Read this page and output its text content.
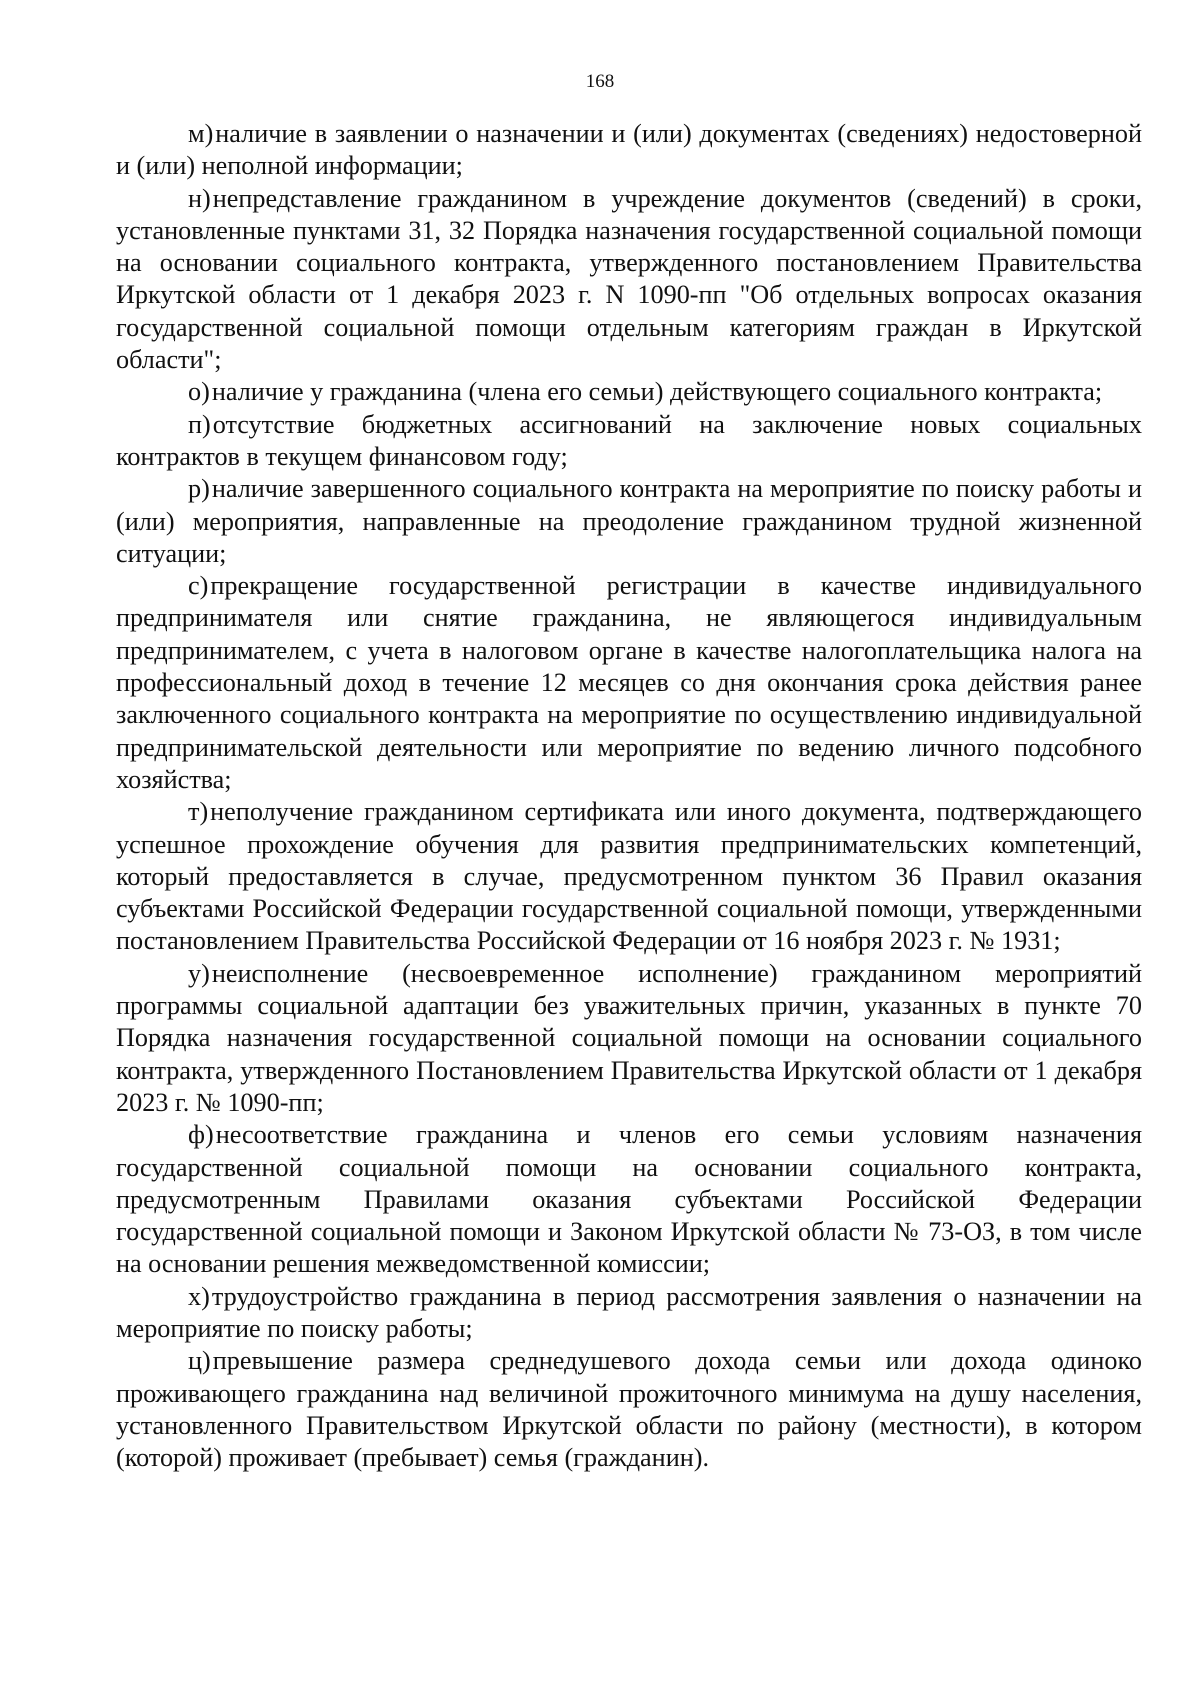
168

м)наличие в заявлении о назначении и (или) документах (сведениях) недостоверной и (или) неполной информации;

н)непредставление гражданином в учреждение документов (сведений) в сроки, установленные пунктами 31, 32 Порядка назначения государственной социальной помощи на основании социального контракта, утвержденного постановлением Правительства Иркутской области от 1 декабря 2023 г. N 1090-пп "Об отдельных вопросах оказания государственной социальной помощи отдельным категориям граждан в Иркутской области";

о)наличие у гражданина (члена его семьи) действующего социального контракта;

п)отсутствие бюджетных ассигнований на заключение новых социальных контрактов в текущем финансовом году;

р)наличие завершенного социального контракта на мероприятие по поиску работы и (или) мероприятия, направленные на преодоление гражданином трудной жизненной ситуации;

с)прекращение государственной регистрации в качестве индивидуального предпринимателя или снятие гражданина, не являющегося индивидуальным предпринимателем, с учета в налоговом органе в качестве налогоплательщика налога на профессиональный доход в течение 12 месяцев со дня окончания срока действия ранее заключенного социального контракта на мероприятие по осуществлению индивидуальной предпринимательской деятельности или мероприятие по ведению личного подсобного хозяйства;

т)неполучение гражданином сертификата или иного документа, подтверждающего успешное прохождение обучения для развития предпринимательских компетенций, который предоставляется в случае, предусмотренном пунктом 36 Правил оказания субъектами Российской Федерации государственной социальной помощи, утвержденными постановлением Правительства Российской Федерации от 16 ноября 2023 г. № 1931;

у)неисполнение (несвоевременное исполнение) гражданином мероприятий программы социальной адаптации без уважительных причин, указанных в пункте 70 Порядка назначения государственной социальной помощи на основании социального контракта, утвержденного Постановлением Правительства Иркутской области от 1 декабря 2023 г. № 1090-пп;

ф)несоответствие гражданина и членов его семьи условиям назначения государственной социальной помощи на основании социального контракта, предусмотренным Правилами оказания субъектами Российской Федерации государственной социальной помощи и Законом Иркутской области № 73-ОЗ, в том числе на основании решения межведомственной комиссии;

х)трудоустройство гражданина в период рассмотрения заявления о назначении на мероприятие по поиску работы;

ц)превышение размера среднедушевого дохода семьи или дохода одиноко проживающего гражданина над величиной прожиточного минимума на душу населения, установленного Правительством Иркутской области по району (местности), в котором (которой) проживает (пребывает) семья (гражданин).
